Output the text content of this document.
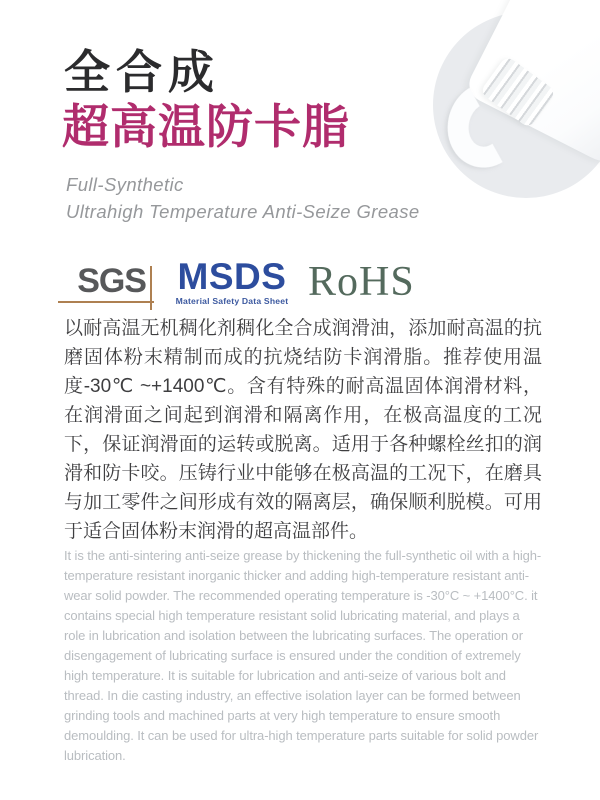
全合成
超高温防卡脂
Full-Synthetic
Ultrahigh Temperature Anti-Seize Grease
SGS MSDS
Material Safety Data Sheet RoHS

以耐高温无机稠化剂稠化全合成润滑油，添加耐高温的抗磨固体粉末精制而成的抗烧结防卡润滑脂。推荐使用温度-30℃ ~+1400℃。含有特殊的耐高温固体润滑材料，在润滑面之间起到润滑和隔离作用，在极高温度的工况下，保证润滑面的运转或脱离。适用于各种螺栓丝扣的润滑和防卡咬。压铸行业中能够在极高温的工况下，在磨具与加工零件之间形成有效的隔离层，确保顺利脱模。可用于适合固体粉末润滑的超高温部件。

It is the anti-sintering anti-seize grease by thickening the full-synthetic oil with a high-temperature resistant inorganic thicker and adding high-temperature resistant anti-wear solid powder. The recommended operating temperature is -30°C ~ +1400°C. it contains special high temperature resistant solid lubricating material, and plays a role in lubrication and isolation between the lubricating surfaces. The operation or disengagement of lubricating surface is ensured under the condition of extremely high temperature. It is suitable for lubrication and anti-seize of various bolt and thread. In die casting industry, an effective isolation layer can be formed between grinding tools and machined parts at very high temperature to ensure smooth demoulding. It can be used for ultra-high temperature parts suitable for solid powder lubrication.
